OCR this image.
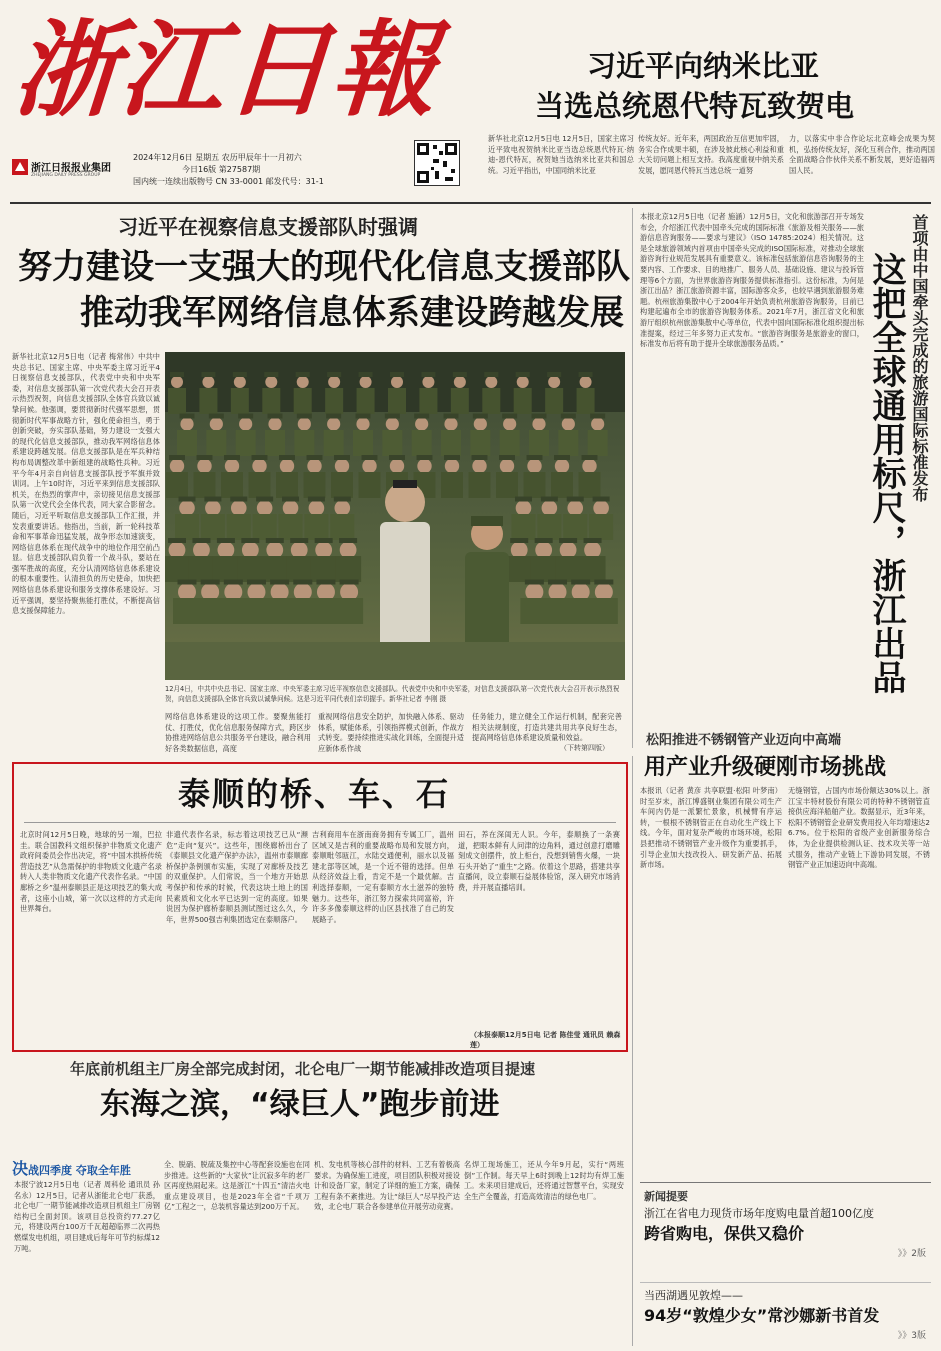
浙江日報
浙江日报报业集团
ZHEJIANG DAILY PRESS GROUP
2024年12月6日 星期五 农历甲辰年十一月初六
今日16版 第27587期
国内统一连续出版物号 CN 33-0001 邮发代号：31-1
习近平向纳米比亚
当选总统恩代特瓦致贺电
新华社北京12月5日电 12月5日，国家主席习近平致电祝贺纳米比亚当选总统恩代特瓦·纳迪-恩代特瓦，祝贺她当选纳米比亚共和国总统。习近平指出，中国同纳米比亚
传统友好。近年来，两国政治互信更加牢固，务实合作成果丰硕，在涉及彼此核心利益和重大关切问题上相互支持。我高度重视中纳关系发展，愿同恩代特瓦当选总统一道努
力，以落实中非合作论坛北京峰会成果为契机，弘扬传统友好，深化互利合作，推动两国全面战略合作伙伴关系不断发展，更好造福两国人民。
习近平在视察信息支援部队时强调
努力建设一支强大的现代化信息支援部队
推动我军网络信息体系建设跨越发展
新华社北京12月5日电（记者 梅常伟）中共中央总书记、国家主席、中央军委主席习近平4日视察信息支援部队，代表党中央和中央军委，对信息支援部队第一次党代表大会召开表示热烈祝贺，向信息支援部队全体官兵致以诚挚问候。他强调，要贯彻新时代强军思想，贯彻新时代军事战略方针，强化使命担当，勇于创新突破，夯实部队基础，努力建设一支强大的现代化信息支援部队，推动我军网络信息体系建设跨越发展。信息支援部队是在军兵种结构布局调整改革中新组建的战略性兵种。习近平今年4月亲自向信息支援部队授予军旗并致训词。上午10时许，习近平来到信息支援部队机关，在热烈的掌声中，亲切接见信息支援部队第一次党代会全体代表，同大家合影留念。随后，习近平听取信息支援部队工作汇报，并发表重要讲话。他指出，当前，新一轮科技革命和军事革命迅猛发展，战争形态加速演变，网络信息体系在现代战争中的地位作用空前凸显。信息支援部队肩负着一个战斗队，要站在强军胜战的高度，充分认清网络信息体系建设的根本重要性。认清担负的历史使命，加快把网络信息体系建设和服务支撑体系建设好。习近平强调，要坚持聚焦能打胜仗，不断提高信息支援保障能力。
12月4日，中共中央总书记、国家主席、中央军委主席习近平视察信息支援部队。代表党中央和中央军委，对信息支援部队第一次党代表大会召开表示热烈祝贺，向信息支援部队全体官兵致以诚挚问候。这是习近平同代表们亲切握手。新华社记者 李刚 摄
网络信息体系建设的这项工作。要聚焦能打仗、打胜仗，优化信息服务保障方式，跨区步协推进网络信息公共服务平台建设，融合利用好各类数据信息，高度
重视网络信息安全防护，加快融入体系、驱动体系，赋能体系，引领指挥模式创新，作战方式转变。要持续推进实战化训练，全面提升适应新体系作战
任务能力，建立健全工作运行机制，配套完善相关法规制度，打造共建共用共享良好生态，提高网络信息体系建设质量和效益。
（下转第四版）
本报北京12月5日电（记者 施涵）12月5日，文化和旅游部召开专场发布会，介绍浙江代表中国牵头完成的国际标准《旅游及相关服务——旅游信息咨询服务——要求与建议》（ISO 14785:2024）相关情况。这是全球旅游领域内首项由中国牵头完成的ISO国际标准，对推动全球旅游咨询行业规范发展具有重要意义。该标准包括旅游信息咨询服务的主要内容、工作要求、目的地推广、服务人员、基础设施、建议与投诉管理等6个方面，为世界旅游咨询服务提供标准指引。这份标准，为何是浙江出品？浙江旅游资源丰富，国际游客众多，也较早遇到旅游服务难题。杭州旅游集散中心于2004年开始负责杭州旅游咨询服务，目前已构建起遍布全市的旅游咨询服务体系。2021年7月，浙江省文化和旅游厅组织杭州旅游集散中心等单位，代表中国向国际标准化组织提出标准提案，经过三年多努力正式发布。“旅游咨询服务是旅游业的窗口，标准发布后将有助于提升全球旅游服务品质。”	首项由中国牵头完成的旅游国际标准发布
这把全球通用标尺，浙江出品
泰顺的桥、车、石
北京时间12月5日晚，地球的另一端，巴拉圭。联合国教科文组织保护非物质文化遗产政府间委员会作出决定，将“中国木拱桥传统营造技艺”从急需保护的非物质文化遗产名录转入人类非物质文化遗产代表作名录。“中国廊桥之乡”温州泰顺县正是这项技艺的集大成者，这座小山城，第一次以这样的方式走向世界舞台。
非遗代表作名录，标志着这项技艺已从“濒危”走向“复兴”。这些年，围绕廊桥出台了《泰顺县文化遗产保护办法》，温州市泰顺廊桥保护条例颁布实施，实现了对廊桥及技艺的双重保护。人们常说，当一个地方开始思考保护和传承的时候，代表这块土地上的国民素质和文化水平已达到一定的高度。如果说因为保护廊桥泰顺县测试图过这么久，今年，世界500强吉利集团选定在泰顺落户。
吉利商用车在浙南商务拥有专属工厂，温州区域又是吉利的重要战略布局和发展方向，泰顺毗邻瓯江，水陆交通便利，丽水以及福建北部等区域，是一个近不错的选择。但单从经济效益上看，肯定不是一个最优解。吉利选择泰顺，一定有泰顺方水土滋养的独特魅力。这些年，浙江努力探索共同富裕，许许多多像泰顺这样的山区县找准了自己的发展路子。
田石，养在深闺无人识。今年，泰顺换了一条赛道，把眼本鲜有人问津的边角料，通过创意打磨雕刻成文创摆件，放上柜台，没想到销售火爆，一块石头开始了“重生”之路。依着这个思路，搭建共享直播间，设立泰顺石益展体验馆，深入研究市场消费，并开展直播培训。
（本报泰顺12月5日电 记者 陈佳莹 通讯员 赖森莲）
年底前机组主厂房全部完成封闭，北仑电厂一期节能减排改造项目提速
东海之滨，“绿巨人”跑步前进
决战四季度 夺取全年胜
本报宁波12月5日电（记者 周科伦 通讯员 孙名永）12月5日，记者从浙能北仑电厂获悉，北仑电厂一期节能减排改造项目机组主厂房钢结构已全面封顶。该项目总投资约77.27亿元，将建设两台100万千瓦超超临界二次再热燃煤发电机组，项目建成后每年可节约标煤12万吨。
全、脱硝、脱硫及集控中心等配套设施也在同步推进。这些新的“大家伙”让沉寂多年的老厂区再度热闹起来。这是浙江“十四五”清洁火电重点建设项目，也是2023年全省“千项万亿”工程之一，总装机容量达到200万千瓦。
机、发电机等核心部件的材料、工艺有着极高要求。为确保施工进度，项目团队积极对接设计和设备厂家，制定了详细的施工方案，确保工程有条不紊推进。为让“绿巨人”尽早投产达效，北仑电厂联合各参建单位开展劳动竞赛。
名焊工现场施工，还从今年9月起，实行“两班倒”工作制。每天早上6时到晚上12时均有焊工施工。未来项目建成后，还将通过智慧平台，实现安全生产全覆盖，打造高效清洁的绿色电厂。
松阳推进不锈钢管产业迈向中高端
用产业升级硬刚市场挑战
本报讯（记者 黄彦 共享联盟·松阳 叶梦南）时至岁末，浙江博盛钢业集团有限公司生产车间内仍是一派繁忙景象，机械臂有序运转，一根根不锈钢管正在自动化生产线上下线。今年，面对复杂严峻的市场环境，松阳县把推动不锈钢管产业升级作为重要抓手，引导企业加大技改投入、研发新产品、拓展新市场。
无缝钢管，占国内市场份额达30%以上。浙江宝丰特材股份有限公司的特种不锈钢管直接供应海洋船舶产业。数据显示，近3年来，松阳不锈钢管企业研发费用投入年均增速达26.7%。位于松阳的省级产业创新服务综合体，为企业提供检测认证、技术攻关等一站式服务，推动产业链上下游协同发展，不锈钢管产业正加速迈向中高端。
新闻提要
浙江在省电力现货市场年度购电量首超100亿度
跨省购电，保供又稳价
》》2版
当西湖遇见敦煌——
94岁“敦煌少女”常沙娜新书首发
》》3版
